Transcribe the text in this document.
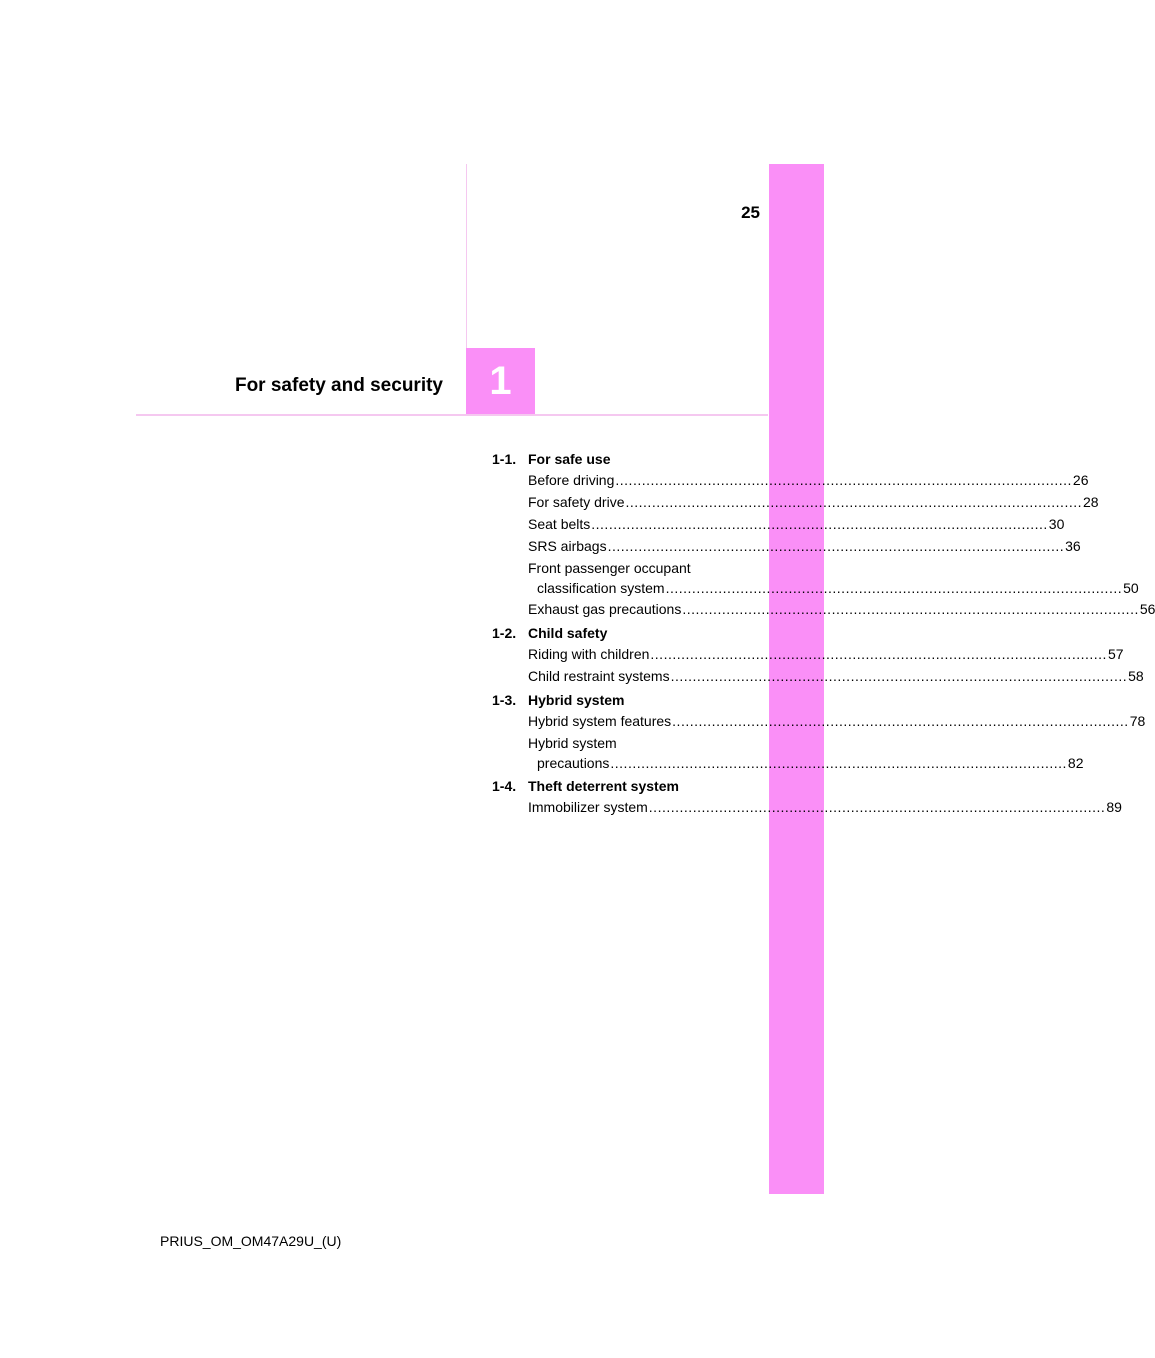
25
For safety and security	1
1-1. For safe use
Before driving .....	26
For safety drive .....	28
Seat belts .....	30
SRS airbags .....	36
Front passenger occupant
classification system .....	50
Exhaust gas precautions .....	56
1-2. Child safety
Riding with children .....	57
Child restraint systems .....	58
1-3. Hybrid system
Hybrid system features .....	78
Hybrid system
precautions .....	82
1-4. Theft deterrent system
Immobilizer system .....	89
PRIUS_OM_OM47A29U_(U)
